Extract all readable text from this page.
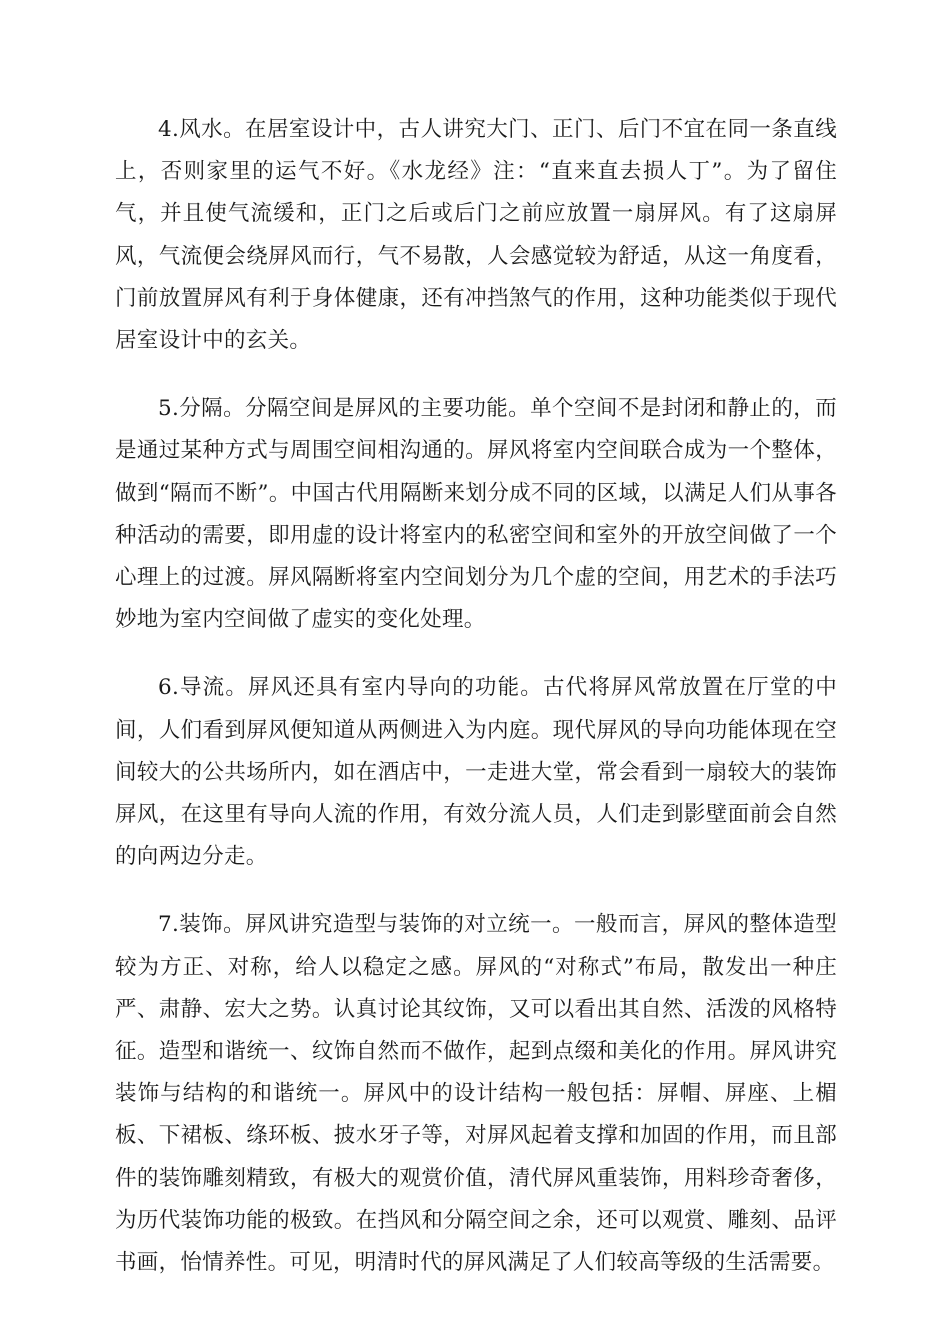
4.风水。在居室设计中，古人讲究大门、正门、后门不宜在同一条直线上，否则家里的运气不好。《水龙经》注：“直来直去损人丁”。为了留住气，并且使气流缓和，正门之后或后门之前应放置一扇屏风。有了这扇屏风，气流便会绕屏风而行，气不易散，人会感觉较为舒适，从这一角度看，门前放置屏风有利于身体健康，还有冲挡煞气的作用，这种功能类似于现代居室设计中的玄关。

5.分隔。分隔空间是屏风的主要功能。单个空间不是封闭和静止的，而是通过某种方式与周围空间相沟通的。屏风将室内空间联合成为一个整体，做到“隔而不断”。中国古代用隔断来划分成不同的区域，以满足人们从事各种活动的需要，即用虚的设计将室内的私密空间和室外的开放空间做了一个心理上的过渡。屏风隔断将室内空间划分为几个虚的空间，用艺术的手法巧妙地为室内空间做了虚实的变化处理。

6.导流。屏风还具有室内导向的功能。古代将屏风常放置在厅堂的中间，人们看到屏风便知道从两侧进入为内庭。现代屏风的导向功能体现在空间较大的公共场所内，如在酒店中，一走进大堂，常会看到一扇较大的装饰屏风，在这里有导向人流的作用，有效分流人员，人们走到影壁面前会自然的向两边分走。

7.装饰。屏风讲究造型与装饰的对立统一。一般而言，屏风的整体造型较为方正、对称，给人以稳定之感。屏风的“对称式”布局，散发出一种庄严、肃静、宏大之势。认真讨论其纹饰，又可以看出其自然、活泼的风格特征。造型和谐统一、纹饰自然而不做作，起到点缀和美化的作用。屏风讲究装饰与结构的和谐统一。屏风中的设计结构一般包括：屏帽、屏座、上楣板、下裙板、绦环板、披水牙子等，对屏风起着支撑和加固的作用，而且部件的装饰雕刻精致，有极大的观赏价值，清代屏风重装饰，用料珍奇奢侈，为历代装饰功能的极致。在挡风和分隔空间之余，还可以观赏、雕刻、品评书画，怡情养性。可见，明清时代的屏风满足了人们较高等级的生活需要。
